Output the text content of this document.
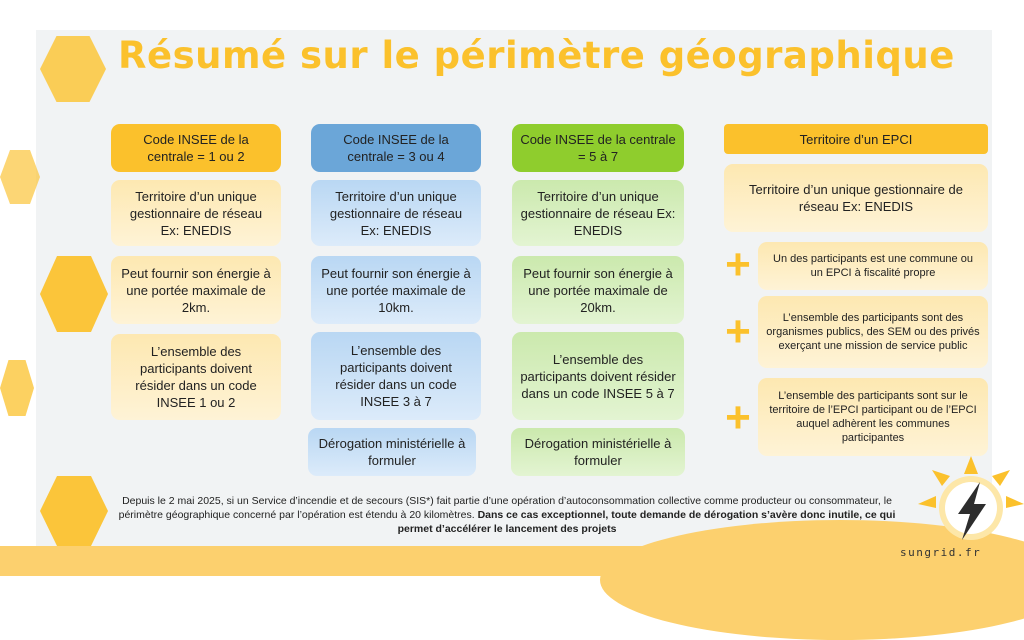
Résumé sur le périmètre géographique
Code INSEE de la centrale = 1 ou 2
Territoire d’un unique gestionnaire de réseau Ex: ENEDIS
Peut fournir son énergie à une portée maximale de 2km.
L’ensemble des participants doivent résider dans un code INSEE 1 ou 2
Code INSEE de la centrale = 3 ou 4
Territoire d’un unique gestionnaire de réseau Ex: ENEDIS
Peut fournir son énergie à une portée maximale de 10km.
L’ensemble des participants doivent résider dans un code INSEE 3 à 7
Dérogation ministérielle à formuler
Code INSEE de la centrale = 5 à 7
Territoire d’un unique gestionnaire de réseau Ex: ENEDIS
Peut fournir son énergie à une portée maximale de 20km.
L’ensemble des participants doivent résider dans un code INSEE 5 à 7
Dérogation ministérielle à formuler
Territoire d’un EPCI
Territoire d’un unique gestionnaire de réseau Ex: ENEDIS
+	Un des participants est une commune ou un EPCI à fiscalité propre
+	L’ensemble des participants sont des organismes publics, des SEM ou des privés exerçant une mission de service public
+	L’ensemble des participants sont sur le territoire de l’EPCI participant ou de l’EPCI auquel adhèrent les communes participantes
Depuis le 2 mai 2025, si un Service d’incendie et de secours (SIS*) fait partie d’une opération d’autoconsommation collective comme producteur ou consommateur, le périmètre géographique concerné par l’opération est étendu à 20 kilomètres. Dans ce cas exceptionnel, toute demande de dérogation s’avère donc inutile, ce qui permet d’accélérer le lancement des projets
sungrid.fr
